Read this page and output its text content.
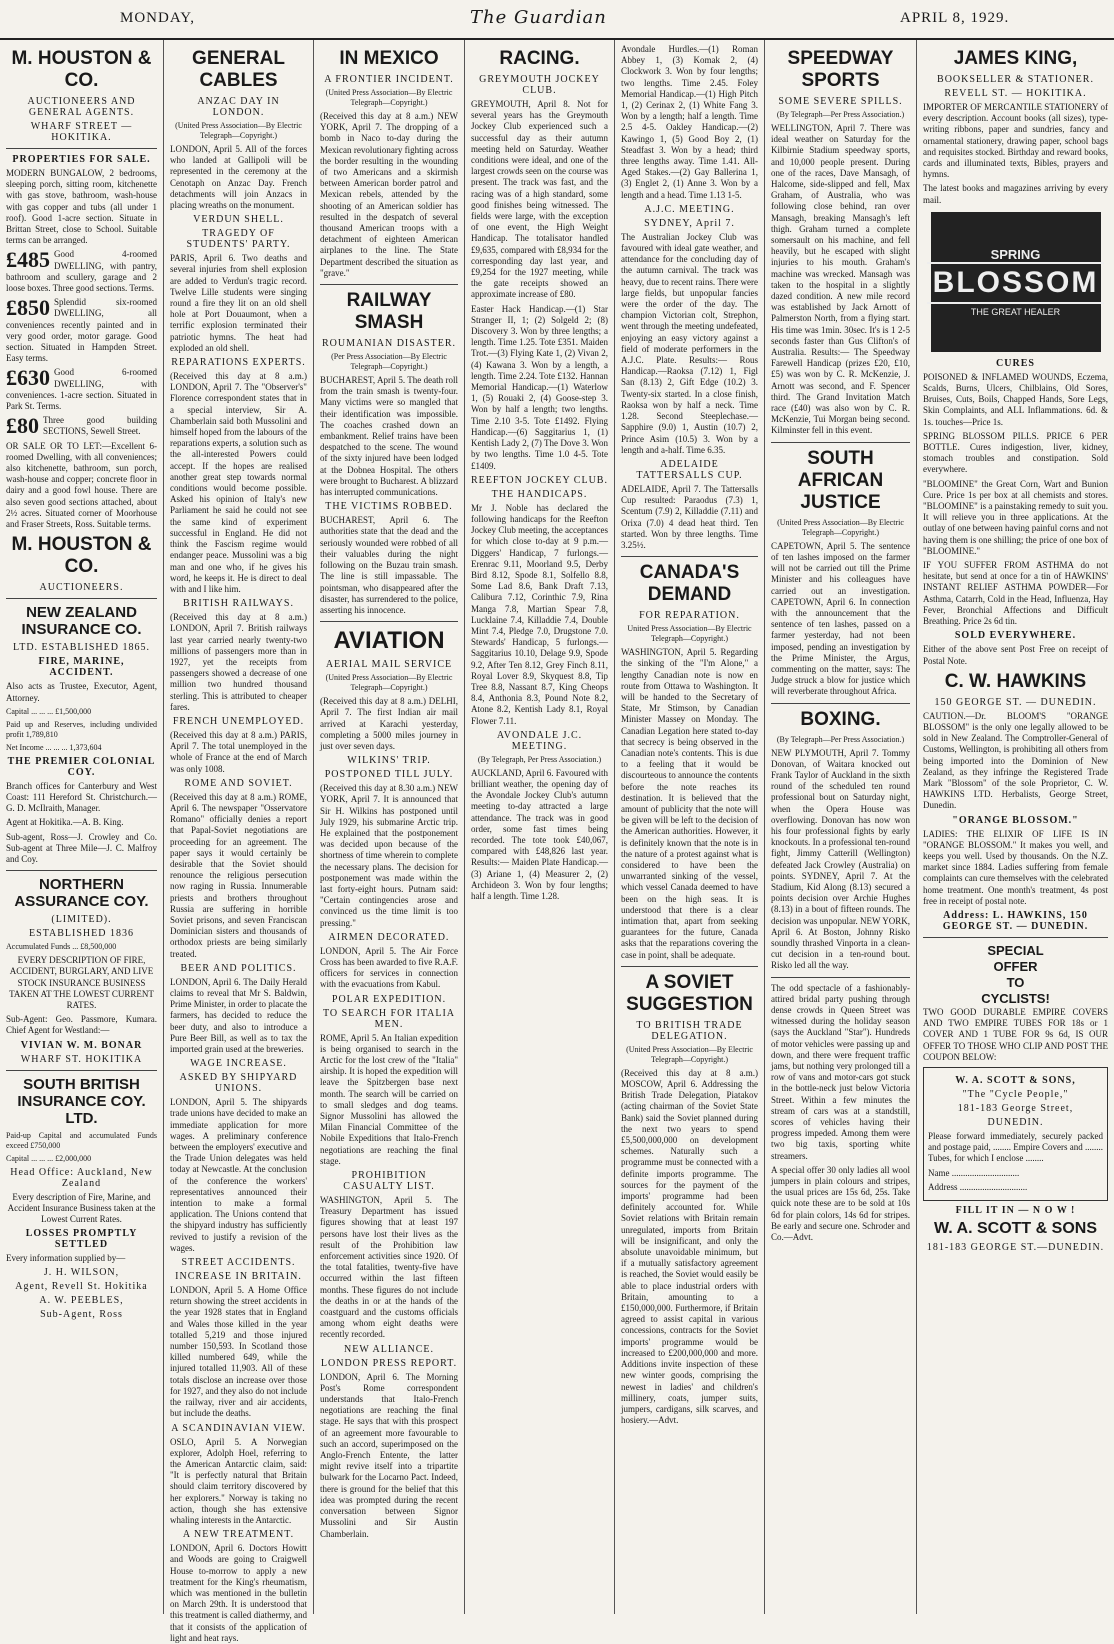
MONDAY,	The Guardian	APRIL 8, 1929.
M. HOUSTON & CO.
AUCTIONEERS AND GENERAL AGENTS.
WHARF STREET — HOKITIKA.
PROPERTIES FOR SALE.

MODERN BUNGALOW, 2 bedrooms, sleeping porch, sitting room, kitchenette with gas stove, bathroom, wash-house with gas copper and tubs (all under 1 roof). Good 1-acre section. Situate in Brittan Street, close to School. Suitable terms can be arranged.

£485 Good 4-roomed DWELLING, with pantry, bathroom and scullery, garage and 2 loose boxes. Three good sections. Terms.
£850 Splendid six-roomed DWELLING, all conveniences recently painted and in very good order, motor garage. Good section. Situated in Hampden Street. Easy terms.
£630 Good 6-roomed DWELLING, with conveniences. 1-acre section. Situated in Park St. Terms.
£80 Three good building SECTIONS, Sewell Street.

OR SALE OR TO LET:—Excellent 6-roomed Dwelling, with all conveniences; also kitchenette, bathroom, sun porch, wash-house and copper; concrete floor in dairy and a good fowl house. There are also seven good sections attached, about 2½ acres. Situated corner of Moorhouse and Fraser Streets, Ross. Suitable terms.

M. HOUSTON & CO.
AUCTIONEERS.
NEW ZEALAND INSURANCE CO.
LTD. ESTABLISHED 1865.
FIRE, MARINE, ACCIDENT.

Also acts as Trustee, Executor, Agent, Attorney.

Capital ... ... ... £1,500,000

Paid up and Reserves, including undivided profit 1,789,810

Net Income ... ... ... 1,373,604

THE PREMIER COLONIAL COY.

Branch offices for Canterbury and West Coast: 111 Hereford St. Christchurch.—G. D. McIlraith, Manager.

Agent at Hokitika.—A. B. King.

Sub-agent, Ross—J. Crowley and Co. Sub-agent at Three Mile—J. C. Malfroy and Coy.

NORTHERN ASSURANCE COY.
(LIMITED).
ESTABLISHED 1836

Accumulated Funds ... £8,500,000

EVERY DESCRIPTION OF FIRE, ACCIDENT, BURGLARY, AND LIVE STOCK INSURANCE BUSINESS TAKEN AT THE LOWEST CURRENT RATES.

Sub-Agent: Geo. Passmore, Kumara. Chief Agent for Westland:—

VIVIAN W. M. BONAR
WHARF ST. HOKITIKA
SOUTH BRITISH INSURANCE COY. LTD.

Paid-up Capital and accumulated Funds exceed £750,000

Capital ... ... ... £2,000,000

Head Office: Auckland, New Zealand

Every description of Fire, Marine, and Accident Insurance Business taken at the Lowest Current Rates.

LOSSES PROMPTLY SETTLED

Every information supplied by—

J. H. WILSON,
Agent, Revell St. Hokitika
A. W. PEEBLES,
Sub-Agent, Ross
GENERAL CABLES
ANZAC DAY IN LONDON.

(United Press Association—By Electric Telegraph—Copyright.)

LONDON, April 5. All of the forces who landed at Gallipoli will be represented in the ceremony at the Cenotaph on Anzac Day. French detachments will join Anzacs in placing wreaths on the monument.

VERDUN SHELL.
TRAGEDY OF STUDENTS' PARTY.

PARIS, April 6. Two deaths and several injuries from shell explosion are added to Verdun's tragic record. Twelve Lille students were singing round a fire they lit on an old shell hole at Port Douaumont, when a terrific explosion terminated their patriotic hymns. The heat had exploded an old shell.

REPARATIONS EXPERTS.

(Received this day at 8 a.m.) LONDON, April 7. The "Observer's" Florence correspondent states that in a special interview, Sir A. Chamberlain said both Mussolini and himself hoped from the labours of the reparations experts, a solution such as the all-interested Powers could accept. If the hopes are realised another great step towards normal conditions would become possible. Asked his opinion of Italy's new Parliament he said he could not see the same kind of experiment successful in England. He did not think the Fascism regime would endanger peace. Mussolini was a big man and one who, if he gives his word, he keeps it. He is direct to deal with and I like him.

BRITISH RAILWAYS.

(Received this day at 8 a.m.) LONDON, April 7. British railways last year carried nearly twenty-two millions of passengers more than in 1927, yet the receipts from passengers showed a decrease of one million two hundred thousand sterling. This is attributed to cheaper fares.

FRENCH UNEMPLOYED.

(Received this day at 8 a.m.) PARIS, April 7. The total unemployed in the whole of France at the end of March was only 1008.

ROME AND SOVIET.

(Received this day at 8 a.m.) ROME, April 6. The newspaper "Osservatore Romano" officially denies a report that Papal-Soviet negotiations are proceeding for an agreement. The paper says it would certainly be desirable that the Soviet should renounce the religious persecution now raging in Russia. Innumerable priests and brothers throughout Russia are suffering in horrible Soviet prisons, and seven Franciscan Dominician sisters and thousands of orthodox priests are being similarly treated.

BEER AND POLITICS.

LONDON, April 6. The Daily Herald claims to reveal that Mr S. Baldwin, Prime Minister, in order to placate the farmers, has decided to reduce the beer duty, and also to introduce a Pure Beer Bill, as well as to tax the imported grain used at the breweries.

WAGE INCREASE.
ASKED BY SHIPYARD UNIONS.

LONDON, April 5. The shipyards trade unions have decided to make an immediate application for more wages. A preliminary conference between the employers' executive and the Trade Union delegates was held today at Newcastle. At the conclusion of the conference the workers' representatives announced their intention to make a formal application. The Unions contend that the shipyard industry has sufficiently revived to justify a revision of the wages.

STREET ACCIDENTS.
INCREASE IN BRITAIN.

LONDON, April 5. A Home Office return showing the street accidents in the year 1928 states that in England and Wales those killed in the year totalled 5,219 and those injured number 150,593. In Scotland those killed numbered 649, while the injured totalled 11,903. All of these totals disclose an increase over those for 1927, and they also do not include the railway, river and air accidents, but include the deaths.

A SCANDINAVIAN VIEW.

OSLO, April 5. A Norwegian explorer, Adolph Hoel, referring to the American Antarctic claim, said: "It is perfectly natural that Britain should claim territory discovered by her explorers." Norway is taking no action, though she has extensive whaling interests in the Antarctic.

A NEW TREATMENT.

LONDON, April 6. Doctors Howitt and Woods are going to Craigwell House to-morrow to apply a new treatment for the King's rheumatism, which was mentioned in the bulletin on March 29th. It is understood that this treatment is called diathermy, and that it consists of the application of light and heat rays.

IN MEXICO
A FRONTIER INCIDENT.

(United Press Association—By Electric Telegraph—Copyright.)

(Received this day at 8 a.m.) NEW YORK, April 7. The dropping of a bomb in Naco to-day during the Mexican revolutionary fighting across the border resulting in the wounding of two Americans and a skirmish between American border patrol and Mexican rebels, attended by the shooting of an American soldier has resulted in the despatch of several thousand American troops with a detachment of eighteen American airplanes to the line. The State Department described the situation as "grave."

RAILWAY SMASH
ROUMANIAN DISASTER.

(Per Press Association—By Electric Telegraph—Copyright.)

BUCHAREST, April 5. The death roll from the train smash is twenty-four. Many victims were so mangled that their identification was impossible. The coaches crashed down an embankment. Relief trains have been despatched to the scene. The wound of the sixty injured have been lodged at the Dobnea Hospital. The others were brought to Bucharest. A blizzard has interrupted communications.

THE VICTIMS ROBBED.

BUCHAREST, April 6. The authorities state that the dead and the seriously wounded were robbed of all their valuables during the night following on the Buzau train smash. The line is still impassable. The pointsman, who disappeared after the disaster, has surrendered to the police, asserting his innocence.

AVIATION
AERIAL MAIL SERVICE

(United Press Association—By Electric Telegraph—Copyright.)

(Received this day at 8 a.m.) DELHI, April 7. The first Indian air mail arrived at Karachi yesterday, completing a 5000 miles journey in just over seven days.

WILKINS' TRIP.
POSTPONED TILL JULY.

(Received this day at 8.30 a.m.) NEW YORK, April 7. It is announced that Sir H. Wilkins has postponed until July 1929, his submarine Arctic trip. He explained that the postponement was decided upon because of the shortness of time wherein to complete the necessary plans. The decision for postponement was made within the last forty-eight hours. Putnam said: "Certain contingencies arose and convinced us the time limit is too pressing."

AIRMEN DECORATED.

LONDON, April 5. The Air Force Cross has been awarded to five R.A.F. officers for services in connection with the evacuations from Kabul.

POLAR EXPEDITION.
TO SEARCH FOR ITALIA MEN.

ROME, April 5. An Italian expedition is being organised to search in the Arctic for the lost crew of the "Italia" airship. It is hoped the expedition will leave the Spitzbergen base next month. The search will be carried on to small sledges and dog teams. Signor Mussolini has allowed the Milan Financial Committee of the Nobile Expeditions that Italo-French negotiations are reaching the final stage.

PROHIBITION CASUALTY LIST.

WASHINGTON, April 5. The Treasury Department has issued figures showing that at least 197 persons have lost their lives as the result of the Prohibition law enforcement activities since 1920. Of the total fatalities, twenty-five have occurred within the last fifteen months. These figures do not include the deaths in or at the hands of the coastguard and the customs officials among whom eight deaths were recently recorded.

NEW ALLIANCE.
LONDON PRESS REPORT.

LONDON, April 6. The Morning Post's Rome correspondent understands that Italo-French negotiations are reaching the final stage. He says that with this prospect of an agreement more favourable to such an accord, superimposed on the Anglo-French Entente, the latter might revive itself into a tripartite bulwark for the Locarno Pact. Indeed, there is ground for the belief that this idea was prompted during the recent conversation between Signor Mussolini and Sir Austin Chamberlain.

RACING.
GREYMOUTH JOCKEY CLUB.

GREYMOUTH, April 8. Not for several years has the Greymouth Jockey Club experienced such a successful day as their autumn meeting held on Saturday. Weather conditions were ideal, and one of the largest crowds seen on the course was present. The track was fast, and the racing was of a high standard, some good finishes being witnessed. The fields were large, with the exception of one event, the High Weight Handicap. The totalisator handled £9,635, compared with £8,934 for the corresponding day last year, and £9,254 for the 1927 meeting, while the gate receipts showed an approximate increase of £80.

Easter Hack Handicap.—(1) Star Stranger II, 1; (2) Solgeld 2; (8) Discovery 3. Won by three lengths; a length. Time 1.25. Tote £351. Maiden Trot.—(3) Flying Kate 1, (2) Vivan 2, (4) Kawana 3. Won by a length, a length. Time 2.24. Tote £132. Hannan Memorial Handicap.—(1) Waterlow 1, (5) Rouaki 2, (4) Goose-step 3. Won by half a length; two lengths. Time 2.10 3-5. Tote £1492. Flying Handicap.—(6) Saggitarius 1, (1) Kentish Lady 2, (7) The Dove 3. Won by two lengths. Time 1.0 4-5. Tote £1409.

REEFTON JOCKEY CLUB.
THE HANDICAPS.

Mr J. Noble has declared the following handicaps for the Reefton Jockey Club meeting, the acceptances for which close to-day at 9 p.m.— Diggers' Handicap, 7 furlongs.—Erenrac 9.11, Moorland 9.5, Derby Bird 8.12, Spode 8.1, Solfello 8.8, Some Lad 8.6, Bank Draft 7.13, Calibura 7.12, Corinthic 7.9, Rina Manga 7.8, Martian Spear 7.8, Lucklaine 7.4, Killaddie 7.4, Double Mint 7.4, Pledge 7.0, Drugstone 7.0. Stewards' Handicap, 5 furlongs.—Saggitarius 10.10, Delage 9.9, Spode 9.2, After Ten 8.12, Grey Finch 8.11, Royal Lover 8.9, Skyquest 8.8, Tip Tree 8.8, Nassant 8.7, King Cheops 8.4, Anthonia 8.3, Pound Note 8.2, Atone 8.2, Kentish Lady 8.1, Royal Flower 7.11.

AVONDALE J.C. MEETING.

(By Telegraph, Per Press Association.)

AUCKLAND, April 6. Favoured with brilliant weather, the opening day of the Avondale Jockey Club's autumn meeting to-day attracted a large attendance. The track was in good order, some fast times being recorded. The tote took £40,067, compared with £48,826 last year. Results:— Maiden Plate Handicap.—(3) Ariane 1, (4) Measurer 2, (2) Archideon 3. Won by four lengths; half a length. Time 1.28.

Avondale Hurdles.—(1) Roman Abbey 1, (3) Komak 2, (4) Clockwork 3. Won by four lengths; two lengths. Time 2.45. Foley Memorial Handicap.—(1) High Pitch 1, (2) Cerinax 2, (1) White Fang 3. Won by a length; half a length. Time 2.5 4-5. Oakley Handicap.—(2) Kawingo 1, (5) Good Boy 2, (1) Steadfast 3. Won by a head; third three lengths away. Time 1.41. All-Aged Stakes.—(2) Gay Ballerina 1, (3) Englet 2, (1) Anne 3. Won by a length and a head. Time 1.13 1-5.

A.J.C. MEETING.
SYDNEY, April 7.

The Australian Jockey Club was favoured with ideal gate weather, and attendance for the concluding day of the autumn carnival. The track was heavy, due to recent rains. There were large fields, but unpopular fancies were the order of the day. The champion Victorian colt, Strephon, went through the meeting undefeated, enjoying an easy victory against a field of moderate performers in the A.J.C. Plate. Results:— Rous Handicap.—Raoksa (7.12) 1, Figl San (8.13) 2, Gift Edge (10.2) 3. Twenty-six started. In a close finish, Raoksa won by half a neck. Time 1.28. Second Steeplechase.—Sapphire (9.0) 1, Austin (10.7) 2, Prince Asim (10.5) 3. Won by a length and a-half. Time 6.35.

ADELAIDE TATTERSALLS CUP.

ADELAIDE, April 7. The Tattersalls Cup resulted: Paraodus (7.3) 1, Scentum (7.9) 2, Killaddie (7.11) and Orixa (7.0) 4 dead heat third. Ten started. Won by three lengths. Time 3.25½.

CANADA'S DEMAND
FOR REPARATION.

United Press Association—By Electric Telegraph—Copyright.)

WASHINGTON, April 5. Regarding the sinking of the "I'm Alone," a lengthy Canadian note is now en route from Ottawa to Washington. It will be handed to the Secretary of State, Mr Stimson, by Canadian Minister Massey on Monday. The Canadian Legation here stated to-day that secrecy is being observed in the Canadian note's contents. This is due to a feeling that it would be discourteous to announce the contents before the note reaches its destination. It is believed that the amount of publicity that the note will be given will be left to the decision of the American authorities. However, it is definitely known that the note is in the nature of a protest against what is considered to have been the unwarranted sinking of the vessel, which vessel Canada deemed to have been on the high seas. It is understood that there is a clear intimation that, apart from seeking guarantees for the future, Canada asks that the reparations covering the case in point, shall be adequate.

A SOVIET SUGGESTION
TO BRITISH TRADE DELEGATION.

(United Press Association—By Electric Telegraph—Copyright.)

(Received this day at 8 a.m.) MOSCOW, April 6. Addressing the British Trade Delegation, Piatakov (acting chairman of the Soviet State Bank) said the Soviet planned during the next two years to spend £5,500,000,000 on development schemes. Naturally such a programme must be connected with a definite imports programme. The sources for the payment of the imports' programme had been definitely accounted for. While Soviet relations with Britain remain unregulated, imports from Britain will be insignificant, and only the absolute unavoidable minimum, but if a mutually satisfactory agreement is reached, the Soviet would easily be able to place industrial orders with Britain, amounting to a £150,000,000. Furthermore, if Britain agreed to assist capital in various concessions, contracts for the Soviet imports' programme would be increased to £200,000,000 and more. Additions invite inspection of these new winter goods, comprising the newest in ladies' and children's millinery, coats, jumper suits, jumpers, cardigans, silk scarves, and hosiery.—Advt.

SPEEDWAY SPORTS
SOME SEVERE SPILLS.

(By Telegraph—Per Press Association.)

WELLINGTON, April 7. There was ideal weather on Saturday for the Kilbirnie Stadium speedway sports, and 10,000 people present. During one of the races, Dave Mansagh, of Halcome, side-slipped and fell, Max Graham, of Australia, who was following close behind, ran over Mansagh, breaking Mansagh's left thigh. Graham turned a complete somersault on his machine, and fell heavily, but he escaped with slight injuries to his mouth. Graham's machine was wrecked. Mansagh was taken to the hospital in a slightly dazed condition. A new mile record was established by Jack Arnott of Palmerston North, from a flying start. His time was 1min. 30sec. It's is 1 2-5 seconds faster than Gus Clifton's of Australia. Results:— The Speedway Farewell Handicap (prizes £20, £10, £5) was won by C. R. McKenzie, J. Arnott was second, and F. Spencer third. The Grand Invitation Match race (£40) was also won by C. R. McKenzie, Tui Morgan being second. Kilminster fell in this event.

SOUTH AFRICAN JUSTICE

(United Press Association—By Electric Telegraph—Copyright.)

CAPETOWN, April 5. The sentence of ten lashes imposed on the farmer will not be carried out till the Prime Minister and his colleagues have carried out an investigation. CAPETOWN, April 6. In connection with the announcement that the sentence of ten lashes, passed on a farmer yesterday, had not been imposed, pending an investigation by the Prime Minister, the Argus, commenting on the matter, says: The Judge struck a blow for justice which will reverberate throughout Africa.

BOXING.

(By Telegraph—Per Press Association.)

NEW PLYMOUTH, April 7. Tommy Donovan, of Waitara knocked out Frank Taylor of Auckland in the sixth round of the scheduled ten round professional bout on Saturday night, when the Opera House was overflowing. Donovan has now won his four professional fights by early knockouts. In a professional ten-round fight, Jimmy Catterill (Wellington) defeated Jack Crowley (Australia) on points. SYDNEY, April 7. At the Stadium, Kid Along (8.13) secured a points decision over Archie Hughes (8.13) in a bout of fifteen rounds. The decision was unpopular. NEW YORK, April 6. At Boston, Johnny Risko soundly thrashed Vinporta in a clean-cut decision in a ten-round bout. Risko led all the way.

The odd spectacle of a fashionably-attired bridal party pushing through dense crowds in Queen Street was witnessed during the holiday season (says the Auckland "Star"). Hundreds of motor vehicles were passing up and down, and there were frequent traffic jams, but nothing very prolonged till a row of vans and motor-cars got stuck in the bottle-neck just below Victoria Street. Within a few minutes the stream of cars was at a standstill, scores of vehicles having their progress impeded. Among them were two big taxis, sporting white streamers.

A special offer 30 only ladies all wool jumpers in plain colours and stripes, the usual prices are 15s 6d, 25s. Take quick note these are to be sold at 10s 6d for plain colors, 14s 6d for stripes. Be early and secure one. Schroder and Co.—Advt.

JAMES KING,
BOOKSELLER & STATIONER.
REVELL ST. — HOKITIKA.

IMPORTER OF MERCANTILE STATIONERY of every description. Account books (all sizes), type-writing ribbons, paper and sundries, fancy and ornamental stationery, drawing paper, school bags and requisites stocked. Birthday and reward books, cards and illuminated texts, Bibles, prayers and hymns.

The latest books and magazines arriving by every mail.

SPRING
BLOSSOM
THE GREAT HEALER
CURES

POISONED & INFLAMED WOUNDS, Eczema, Scalds, Burns, Ulcers, Chilblains, Old Sores, Bruises, Cuts, Boils, Chapped Hands, Sore Legs, Skin Complaints, and ALL Inflammations. 6d. & 1s. touches—Price 1s.

SPRING BLOSSOM PILLS. PRICE 6 PER BOTTLE. Cures indigestion, liver, kidney, stomach troubles and constipation. Sold everywhere.

"BLOOMINE" the Great Corn, Wart and Bunion Cure. Price 1s per box at all chemists and stores. "BLOOMINE" is a painstaking remedy to suit you. It will relieve you in three applications. At the outlay of one between having painful corns and not having them is one shilling; the price of one box of "BLOOMINE."

IF YOU SUFFER FROM ASTHMA do not hesitate, but send at once for a tin of HAWKINS' INSTANT RELIEF ASTHMA POWDER—For Asthma, Catarrh, Cold in the Head, Influenza, Hay Fever, Bronchial Affections and Difficult Breathing. Price 2s 6d tin.

SOLD EVERYWHERE.

Either of the above sent Post Free on receipt of Postal Note.

C. W. HAWKINS
150 GEORGE ST. — DUNEDIN.

CAUTION.—Dr. BLOOM'S "ORANGE BLOSSOM" is the only one legally allowed to be sold in New Zealand. The Comptroller-General of Customs, Wellington, is prohibiting all others from being imported into the Dominion of New Zealand, as they infringe the Registered Trade Mark "Blossom" of the sole Proprietor, C. W. HAWKINS LTD. Herbalists, George Street, Dunedin.

"ORANGE BLOSSOM."

LADIES: THE ELIXIR OF LIFE IS IN "ORANGE BLOSSOM." It makes you well, and keeps you well. Used by thousands. On the N.Z. market since 1884. Ladies suffering from female complaints can cure themselves with the celebrated home treatment. One month's treatment, 4s post free in receipt of postal note.

Address: L. HAWKINS, 150 GEORGE ST. — DUNEDIN.
SPECIAL
OFFER
TO
CYCLISTS!

TWO GOOD DURABLE EMPIRE COVERS AND TWO EMPIRE TUBES FOR 18s or 1 COVER AND 1 TUBE FOR 9s 6d, IS OUR OFFER TO THOSE WHO CLIP AND POST THE COUPON BELOW:

W. A. SCOTT & SONS,
"The "Cycle People,"
181-183 George Street,
DUNEDIN.

Please forward immediately, securely packed and postage paid, ........ Empire Covers and ........ Tubes, for which I enclose ........

Name ..............................

Address ..............................

FILL IT IN — N O W !
W. A. SCOTT & SONS
181-183 GEORGE ST.—DUNEDIN.
